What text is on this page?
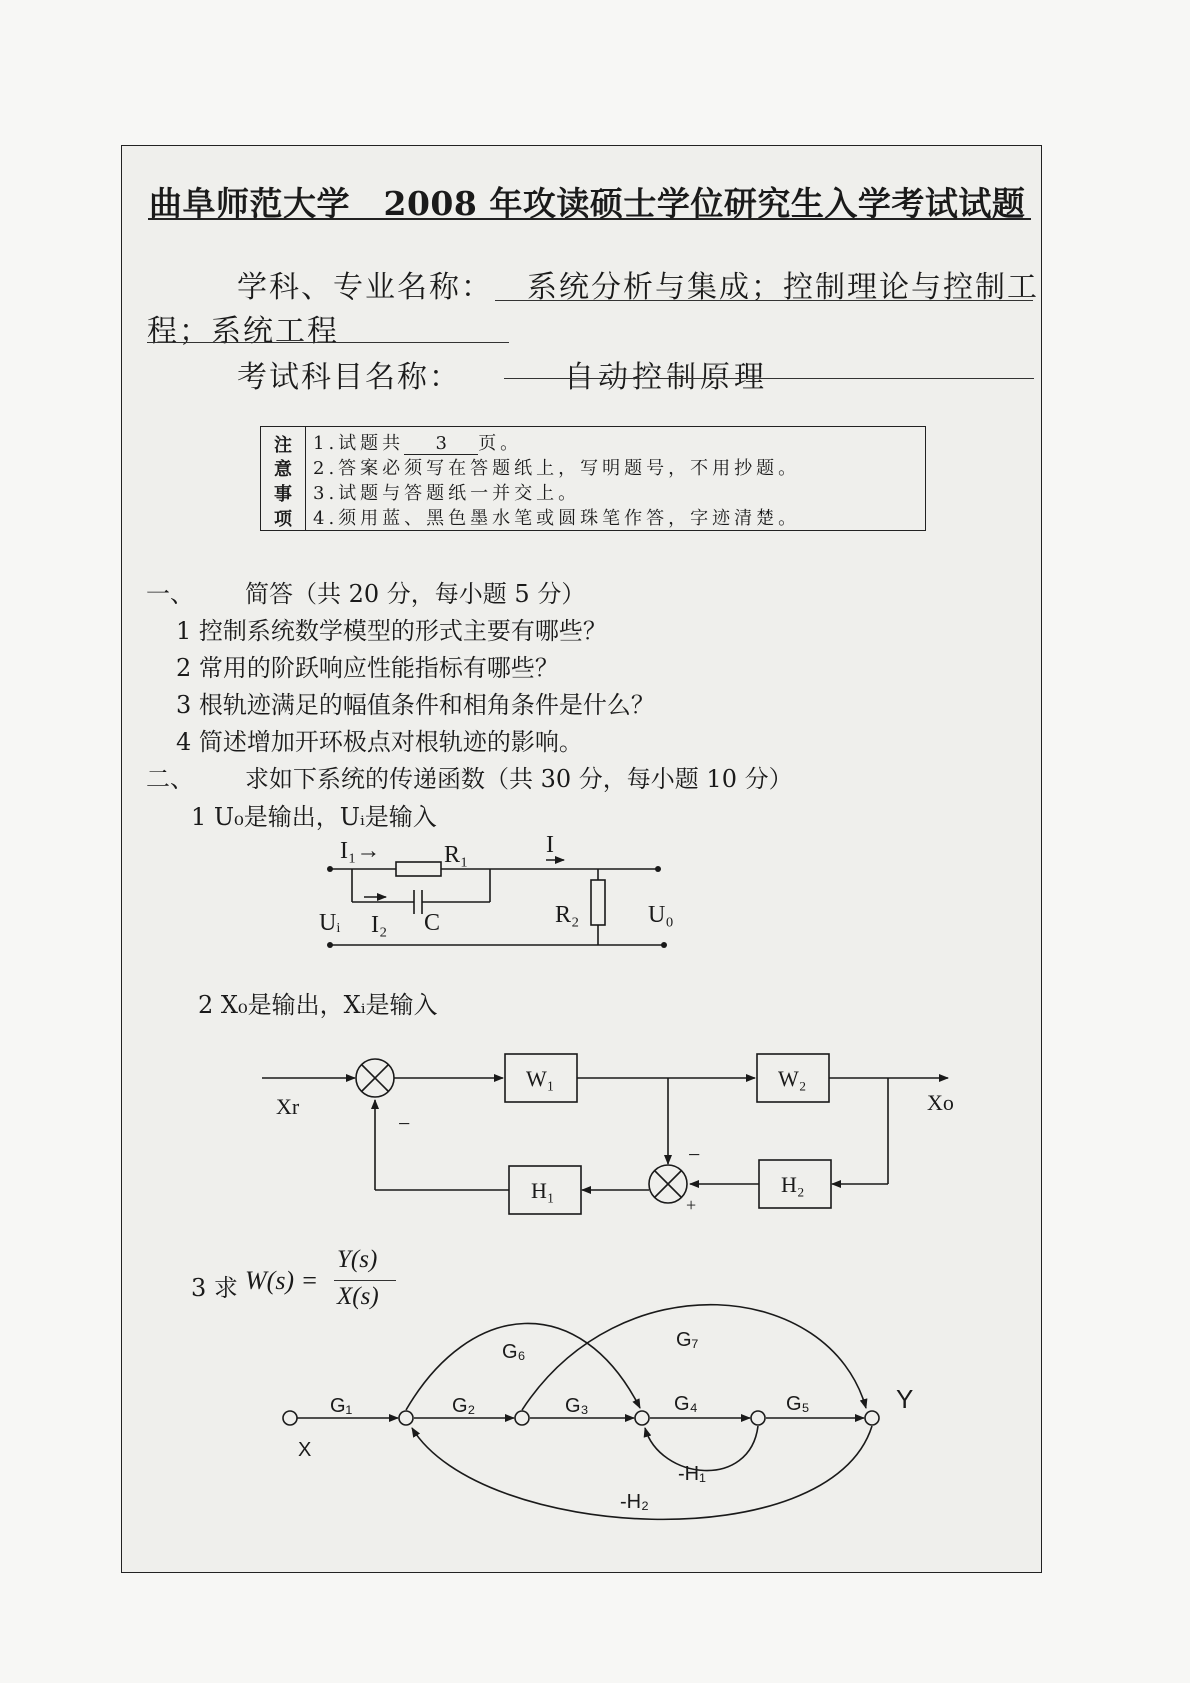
曲阜师范大学　2008 年攻读硕士学位研究生入学考试试题
学科、专业名称： 系统分析与集成；控制理论与控制工
程；系统工程
考试科目名称：	自动控制原理
注
意
事
项
1.试题共 3 页。
2.答案必须写在答题纸上，写明题号，不用抄题。
3.试题与答题纸一并交上。
4.须用蓝、黑色墨水笔或圆珠笔作答，字迹清楚。
一、 简答（共 20 分，每小题 5 分）
1 控制系统数学模型的形式主要有哪些？
2 常用的阶跃响应性能指标有哪些？
3 根轨迹满足的幅值条件和相角条件是什么？
4 简述增加开环极点对根轨迹的影响。
二、 求如下系统的传递函数（共 30 分，每小题 10 分）
1 U₀是输出，Uᵢ是输入
2 X₀是输出，Xᵢ是输入
3 求 W(s) =
Y(s)
X(s)
I₁→	R₁	I
I₂ C	R₂
Uᵢ	U₀
W₁	W₂
H₁	H₂
Xr	Xo
−
−
+
G₁	G₂	G₃	G₄	G₅
G₆
G₇
-H₁
-H₂
X
Y
